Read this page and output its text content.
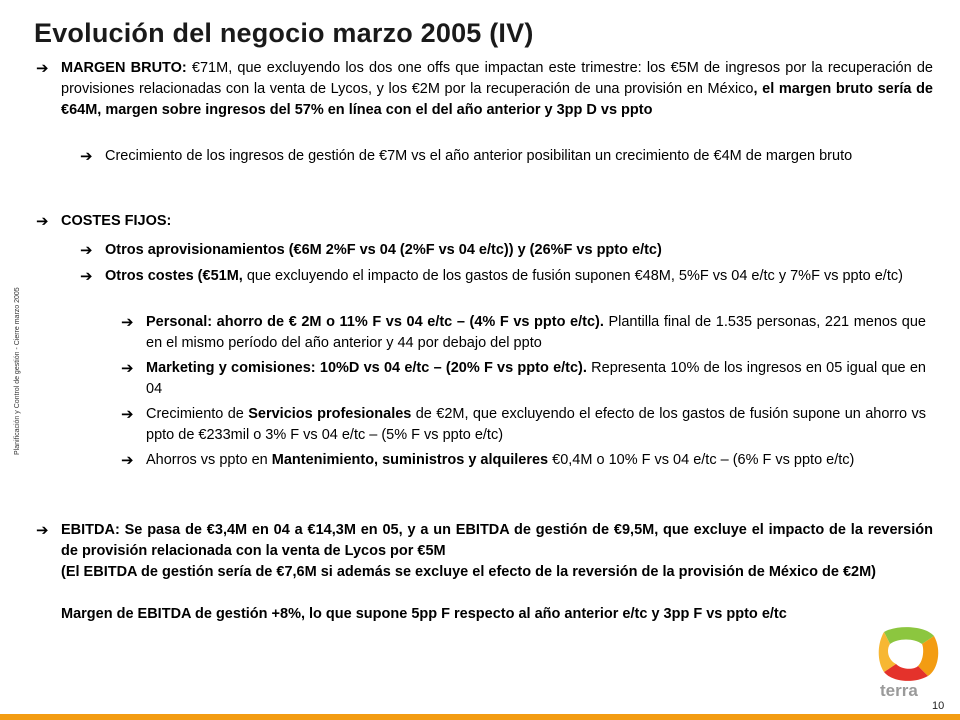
Evolución del negocio marzo 2005 (IV)
Planificación y Control de gestión - Cierre marzo 2005
➔ MARGEN BRUTO: €71M, que excluyendo los dos one offs que impactan este trimestre: los €5M de ingresos por la recuperación de provisiones relacionadas con la venta de Lycos, y los €2M por la recuperación de una provisión en México, el margen bruto sería de €64M, margen sobre ingresos del 57% en línea con el del año anterior y 3pp D vs ppto
➔ Crecimiento de los ingresos de gestión de €7M vs el año anterior posibilitan un crecimiento de €4M de margen bruto
➔ COSTES FIJOS:
➔ Otros aprovisionamientos (€6M 2%F vs 04 (2%F vs 04 e/tc)) y (26%F vs ppto e/tc)
➔ Otros costes (€51M, que excluyendo el impacto de los gastos de fusión suponen €48M, 5%F vs 04 e/tc y 7%F vs ppto e/tc)
➔ Personal: ahorro de € 2M o 11% F vs 04 e/tc – (4% F vs ppto e/tc). Plantilla final de 1.535 personas, 221 menos que en el mismo período del año anterior y 44 por debajo del ppto
➔ Marketing y comisiones: 10%D vs 04 e/tc – (20% F vs ppto e/tc). Representa 10% de los ingresos en 05 igual que en 04
➔ Crecimiento de Servicios profesionales de €2M, que excluyendo el efecto de los gastos de fusión supone un ahorro vs ppto de €233mil o 3% F vs 04 e/tc – (5% F vs ppto e/tc)
➔ Ahorros vs ppto en Mantenimiento, suministros y alquileres €0,4M o 10% F vs 04 e/tc – (6% F vs ppto e/tc)
➔ EBITDA: Se pasa de €3,4M en 04 a €14,3M en 05, y a un EBITDA de gestión de €9,5M, que excluye el impacto de la reversión de provisión relacionada con la venta de Lycos por €5M
(El EBITDA de gestión sería de €7,6M si además se excluye el efecto de la reversión de la provisión de México de €2M)
Margen de EBITDA de gestión +8%, lo que supone 5pp F respecto al año anterior e/tc y 3pp F vs ppto e/tc
terra
10
